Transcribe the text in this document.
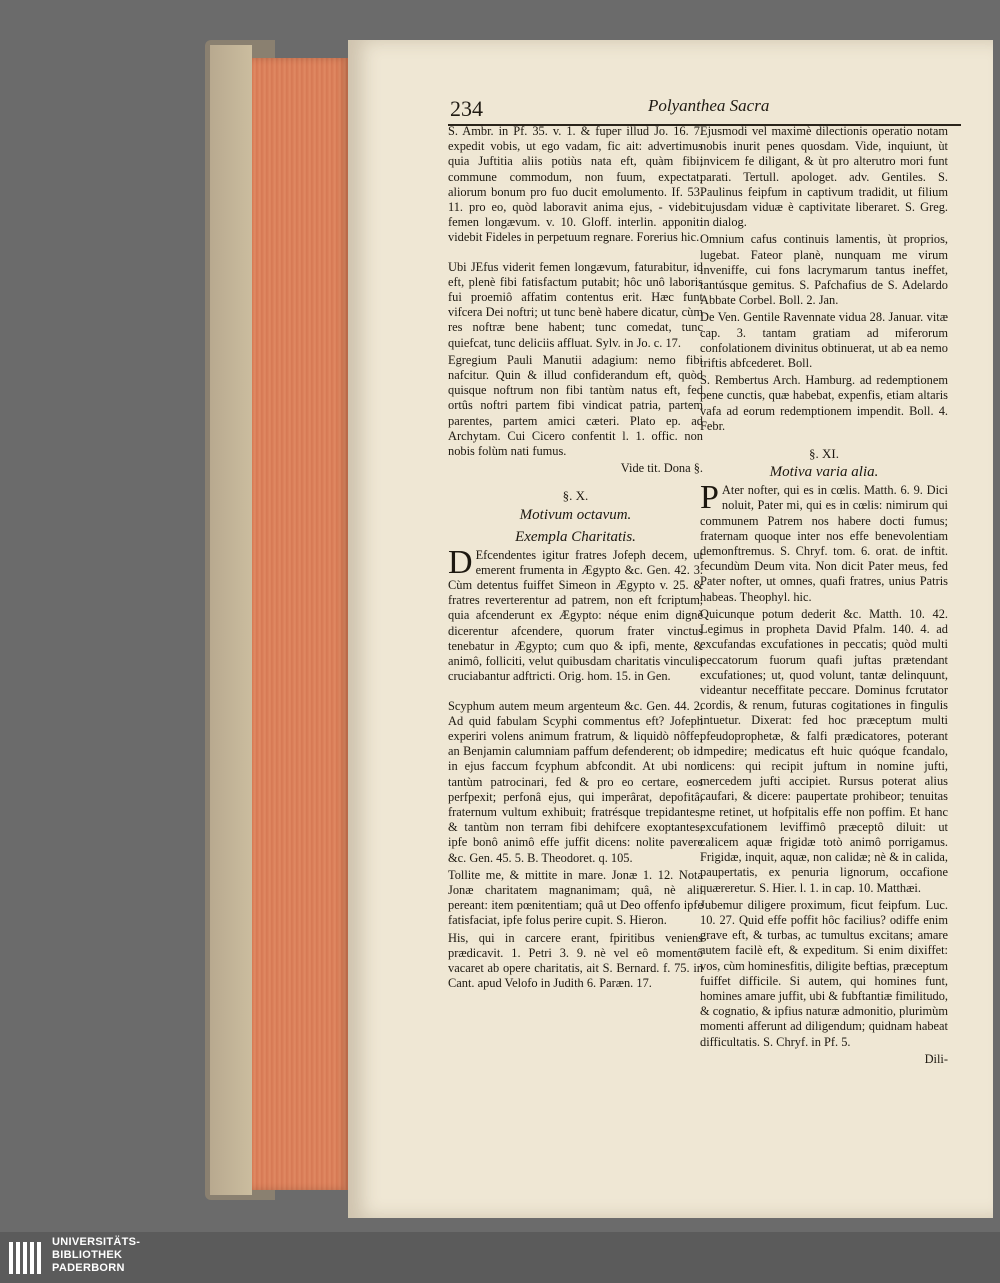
234	Polyanthea Sacra

S. Ambr. in Pf. 35. v. 1. & fuper illud Jo. 16. 7. expedit vobis, ut ego vadam, fic ait: advertimus quia Juftitia aliis potiùs nata eft, quàm fibi; commune commodum, non fuum, expectat; aliorum bonum pro fuo ducit emolumento. If. 53. 11. pro eo, quòd laboravit anima ejus, - videbit femen longævum. v. 10. Gloff. interlin. apponit: videbit Fideles in perpetuum regnare. Forerius hic.

Ubi JEfus viderit femen longævum, faturabitur, id eft, plenè fibi fatisfactum putabit; hôc unô laboris fui proemiô affatim contentus erit. Hæc funt vifcera Dei noftri; ut tunc benè habere dicatur, cùm res noftræ bene habent; tunc comedat, tunc quiefcat, tunc deliciis affluat. Sylv. in Jo. c. 17.

Egregium Pauli Manutii adagium: nemo fibi nafcitur. Quin & illud confiderandum eft, quòd quisque noftrum non fibi tantùm natus eft, fed ortûs noftri partem fibi vindicat patria, partem parentes, partem amici cæteri. Plato ep. ad Archytam. Cui Cicero confentit l. 1. offic. non nobis folùm nati fumus.

Vide tit. Dona §.

§. X.
Motivum octavum.
Exempla Charitatis.

D Efcendentes igitur fratres Jofeph decem, ut emerent frumenta in Ægypto &c. Gen. 42. 3. Cùm detentus fuiffet Simeon in Ægypto v. 25. & fratres reverterentur ad patrem, non eft fcriptum, quia afcenderunt ex Ægypto: néque enim dignè dicerentur afcendere, quorum frater vinctus tenebatur in Ægypto; cum quo & ipfi, mente, & animô, folliciti, velut quibusdam charitatis vinculis cruciabantur adftricti. Orig. hom. 15. in Gen.

Scyphum autem meum argenteum &c. Gen. 44. 2. Ad quid fabulam Scyphi commentus eft? Jofeph experiri volens animum fratrum, & liquidò nôffe; an Benjamin calumniam paffum defenderent; ob id in ejus faccum fcyphum abfcondit. At ubi non tantùm patrocinari, fed & pro eo certare, eos perfpexit; perfonâ ejus, qui imperârat, depofitâ, fraternum vultum exhibuit; fratrésque trepidantes, & tantùm non terram fibi dehifcere exoptantes, ipfe bonô animô effe juffit dicens: nolite pavere &c. Gen. 45. 5. B. Theodoret. q. 105.

Tollite me, & mittite in mare. Jonæ 1. 12. Nota Jonæ charitatem magnanimam; quâ, nè alii pereant: item pœnitentiam; quâ ut Deo offenfo ipfe fatisfaciat, ipfe folus perire cupit. S. Hieron.

His, qui in carcere erant, fpiritibus veniens prædicavit. 1. Petri 3. 9. nè vel eô momentô vacaret ab opere charitatis, ait S. Bernard. f. 75. in Cant. apud Velofo in Judith 6. Paræn. 17.

Ejusmodi vel maximè dilectionis operatio notam nobis inurit penes quosdam. Vide, inquiunt, ùt invicem fe diligant, & ùt pro alterutro mori funt parati. Tertull. apologet. adv. Gentiles. S. Paulinus feipfum in captivum tradidit, ut filium cujusdam viduæ è captivitate liberaret. S. Greg. in dialog.

Omnium cafus continuis lamentis, ùt proprios, lugebat. Fateor planè, nunquam me virum inveniffe, cui fons lacrymarum tantus ineffet, tantúsque gemitus. S. Pafchafius de S. Adelardo Abbate Corbel. Boll. 2. Jan.

De Ven. Gentile Ravennate vidua 28. Januar. vitæ cap. 3. tantam gratiam ad miferorum confolationem divinitus obtinuerat, ut ab ea nemo triftis abfcederet. Boll.

S. Rembertus Arch. Hamburg. ad redemptionem pene cunctis, quæ habebat, expenfis, etiam altaris vafa ad eorum redemptionem impendit. Boll. 4. Febr.

§. XI.
Motiva varia alia.

P Ater nofter, qui es in cœlis. Matth. 6. 9. Dici noluit, Pater mi, qui es in cœlis: nimirum qui communem Patrem nos habere docti fumus; fraternam quoque inter nos effe benevolentiam demonftremus. S. Chryf. tom. 6. orat. de inftit. fecundùm Deum vita. Non dicit Pater meus, fed Pater nofter, ut omnes, quafi fratres, unius Patris habeas. Theophyl. hic.

Quicunque potum dederit &c. Matth. 10. 42. Legimus in propheta David Pfalm. 140. 4. ad excufandas excufationes in peccatis; quòd multi peccatorum fuorum quafi juftas prætendant excufationes; ut, quod volunt, tantæ delinquunt, videantur neceffitate peccare. Dominus fcrutator cordis, & renum, futuras cogitationes in fingulis intuetur. Dixerat: fed hoc præceptum multi pfeudoprophetæ, & falfi prædicatores, poterant impedire; medicatus eft huic quóque fcandalo, dicens: qui recipit juftum in nomine jufti, mercedem jufti accipiet. Rursus poterat alius caufari, & dicere: paupertate prohibeor; tenuitas me retinet, ut hofpitalis effe non poffim. Et hanc excufationem leviffimô præceptô diluit: ut calicem aquæ frigidæ totò animô porrigamus. Frigidæ, inquit, aquæ, non calidæ; nè & in calida, paupertatis, ex penuria lignorum, occafione quæreretur. S. Hier. l. 1. in cap. 10. Matthæi.

Jubemur diligere proximum, ficut feipfum. Luc. 10. 27. Quid effe poffit hôc facilius? odiffe enim grave eft, & turbas, ac tumultus excitans; amare autem facilè eft, & expeditum. Si enim dixiffet: vos, cùm hominesfitis, diligite beftias, præceptum fuiffet difficile. Si autem, qui homines funt, homines amare juffit, ubi & fubftantiæ fimilitudo, & cognatio, & ipfius naturæ admonitio, plurimùm momenti afferunt ad diligendum; quidnam habeat difficultatis. S. Chryf. in Pf. 5.

Dili-

UNIVERSITÄTS-
BIBLIOTHEK
PADERBORN
